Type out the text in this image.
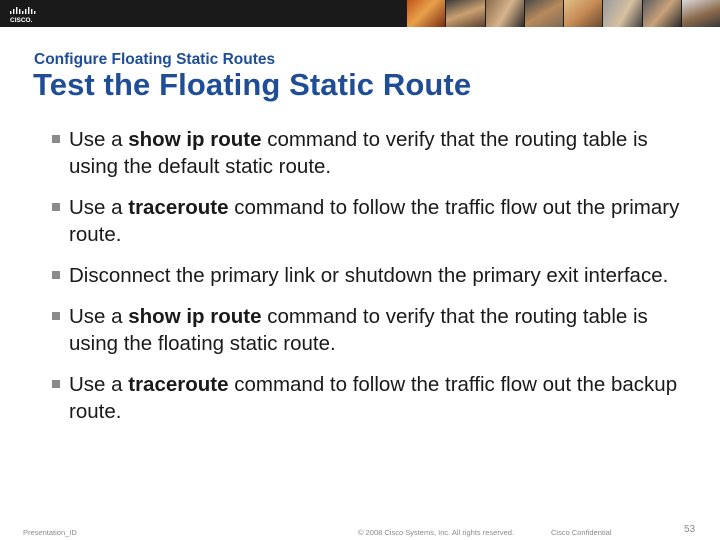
CISCO.
Configure Floating Static Routes
Test the Floating Static Route
Use a show ip route command to verify that the routing table is using the default static route.
Use a traceroute command to follow the traffic flow out the primary route.
Disconnect the primary link or shutdown the primary exit interface.
Use a show ip route command to verify that the routing table is using the floating static route.
Use a traceroute command to follow the traffic flow out the backup route.
Presentation_ID	© 2008 Cisco Systems, Inc. All rights reserved.	Cisco Confidential	53
